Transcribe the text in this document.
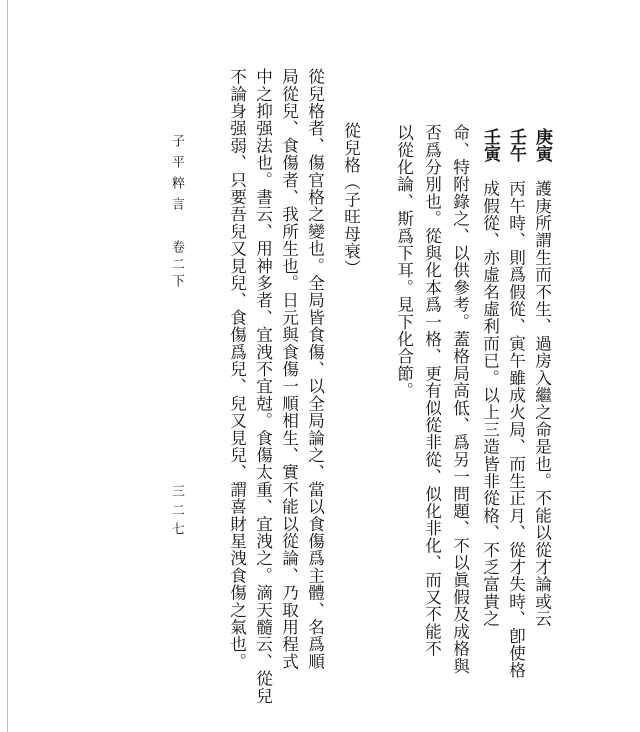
庚寅
護庚所謂生而不生、過房入繼之命是也。不能以從才論或云
壬午
丙午時、則爲假從、寅午雖成火局、而生正月、從才失時、卽使格
壬寅
成假從、亦虛名虛利而已。以上三造皆非從格、不乏富貴之
命、特附錄之、以供參考。蓋格局高低、爲另一問題、不以眞假及成格與
否爲分別也。從與化本爲一格、更有似從非從、似化非化、而又不能不
以從化論、斯爲下耳。見下化合節。
從兒格（子旺母衰）
從兒格者、傷官格之變也。全局皆食傷、以全局論之、當以食傷爲主體、名爲順
局從兒、食傷者、我所生也。日元與食傷一順相生、實不能以從論、乃取用程式
中之抑强法也。書云、用神多者、宜洩不宜尅。食傷太重、宜洩之。滴天髓云、從兒
不論身强弱、只要吾兒又見兒、食傷爲兒、兒又見兒、謂喜財星洩食傷之氣也。
子平粹言
卷二下
三二七
